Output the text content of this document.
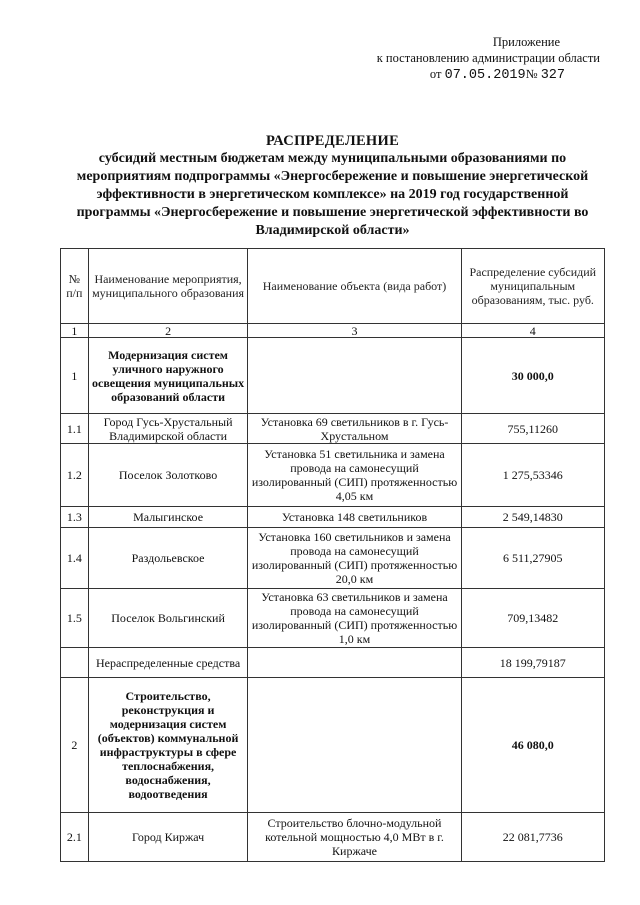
Приложение
к постановлению администрации области
от 07.05.2019№ 327
РАСПРЕДЕЛЕНИЕ
субсидий местным бюджетам между муниципальными образованиями по
мероприятиям подпрограммы «Энергосбережение и повышение энергетической
эффективности в энергетическом комплексе» на 2019 год государственной
программы «Энергосбережение и повышение энергетической эффективности во
Владимирской области»
№ п/п	Наименование мероприятия, муниципального образования	Наименование объекта (вида работ)	Распределение субсидий муниципальным образованиям, тыс. руб.
1	2	3	4
1	Модернизация систем уличного наружного освещения муниципальных образований области		30 000,0
1.1	Город Гусь-Хрустальный Владимирской области	Установка 69 светильников в г. Гусь-Хрустальном	755,11260
1.2	Поселок Золотково	Установка 51 светильника и замена провода на самонесущий изолированный (СИП) протяженностью 4,05 км	1 275,53346
1.3	Малыгинское	Установка 148 светильников	2 549,14830
1.4	Раздольевское	Установка 160 светильников и замена провода на самонесущий изолированный (СИП) протяженностью 20,0 км	6 511,27905
1.5	Поселок Вольгинский	Установка 63 светильников и замена провода на самонесущий изолированный (СИП) протяженностью 1,0 км	709,13482
	Нераспределенные средства		18 199,79187
2	Строительство, реконструкция и модернизация систем (объектов) коммунальной инфраструктуры в сфере теплоснабжения, водоснабжения, водоотведения		46 080,0
2.1	Город Киржач	Строительство блочно-модульной котельной мощностью 4,0 МВт в г. Киржаче	22 081,7736
